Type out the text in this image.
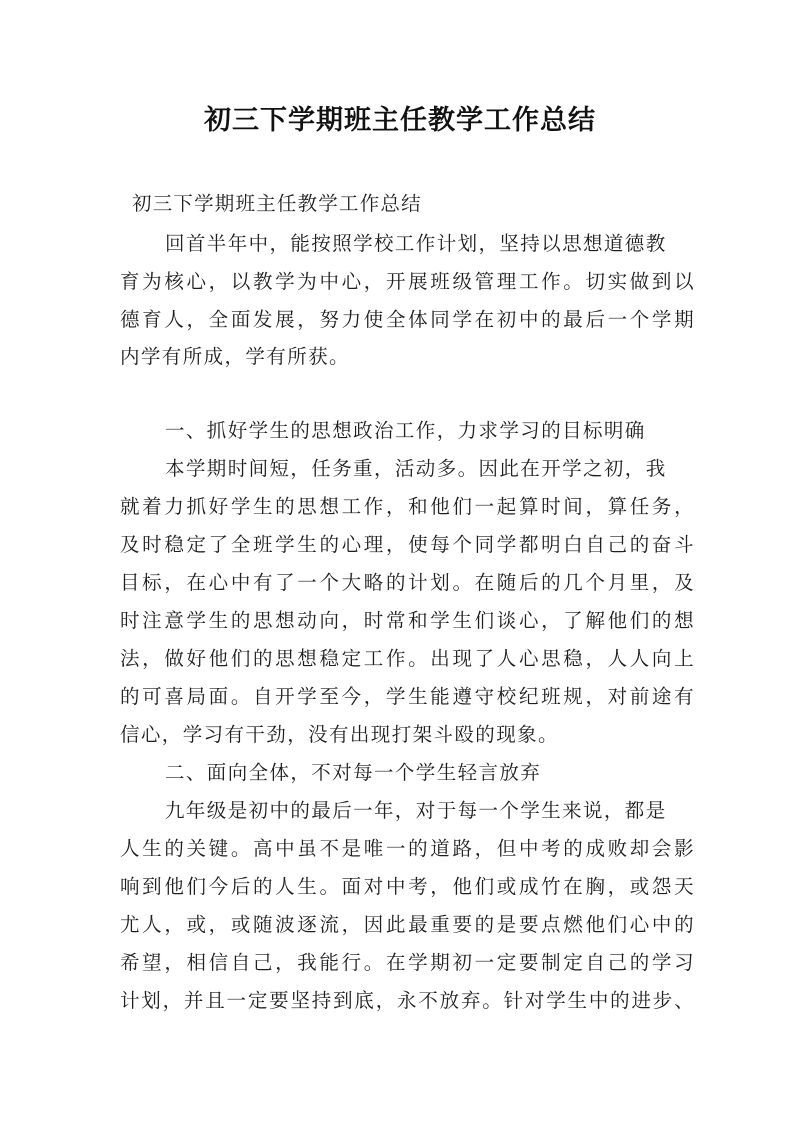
初三下学期班主任教学工作总结
初三下学期班主任教学工作总结
回首半年中，能按照学校工作计划，坚持以思想道德教
育为核心，以教学为中心，开展班级管理工作。切实做到以
德育人，全面发展，努力使全体同学在初中的最后一个学期
内学有所成，学有所获。
一、抓好学生的思想政治工作，力求学习的目标明确
本学期时间短，任务重，活动多。因此在开学之初，我
就着力抓好学生的思想工作，和他们一起算时间，算任务，
及时稳定了全班学生的心理，使每个同学都明白自己的奋斗
目标，在心中有了一个大略的计划。在随后的几个月里，及
时注意学生的思想动向，时常和学生们谈心，了解他们的想
法，做好他们的思想稳定工作。出现了人心思稳，人人向上
的可喜局面。自开学至今，学生能遵守校纪班规，对前途有
信心，学习有干劲，没有出现打架斗殴的现象。
二、面向全体，不对每一个学生轻言放弃
九年级是初中的最后一年，对于每一个学生来说，都是
人生的关键。高中虽不是唯一的道路，但中考的成败却会影
响到他们今后的人生。面对中考，他们或成竹在胸，或怨天
尤人，或，或随波逐流，因此最重要的是要点燃他们心中的
希望，相信自己，我能行。在学期初一定要制定自己的学习
计划，并且一定要坚持到底，永不放弃。针对学生中的进步、
